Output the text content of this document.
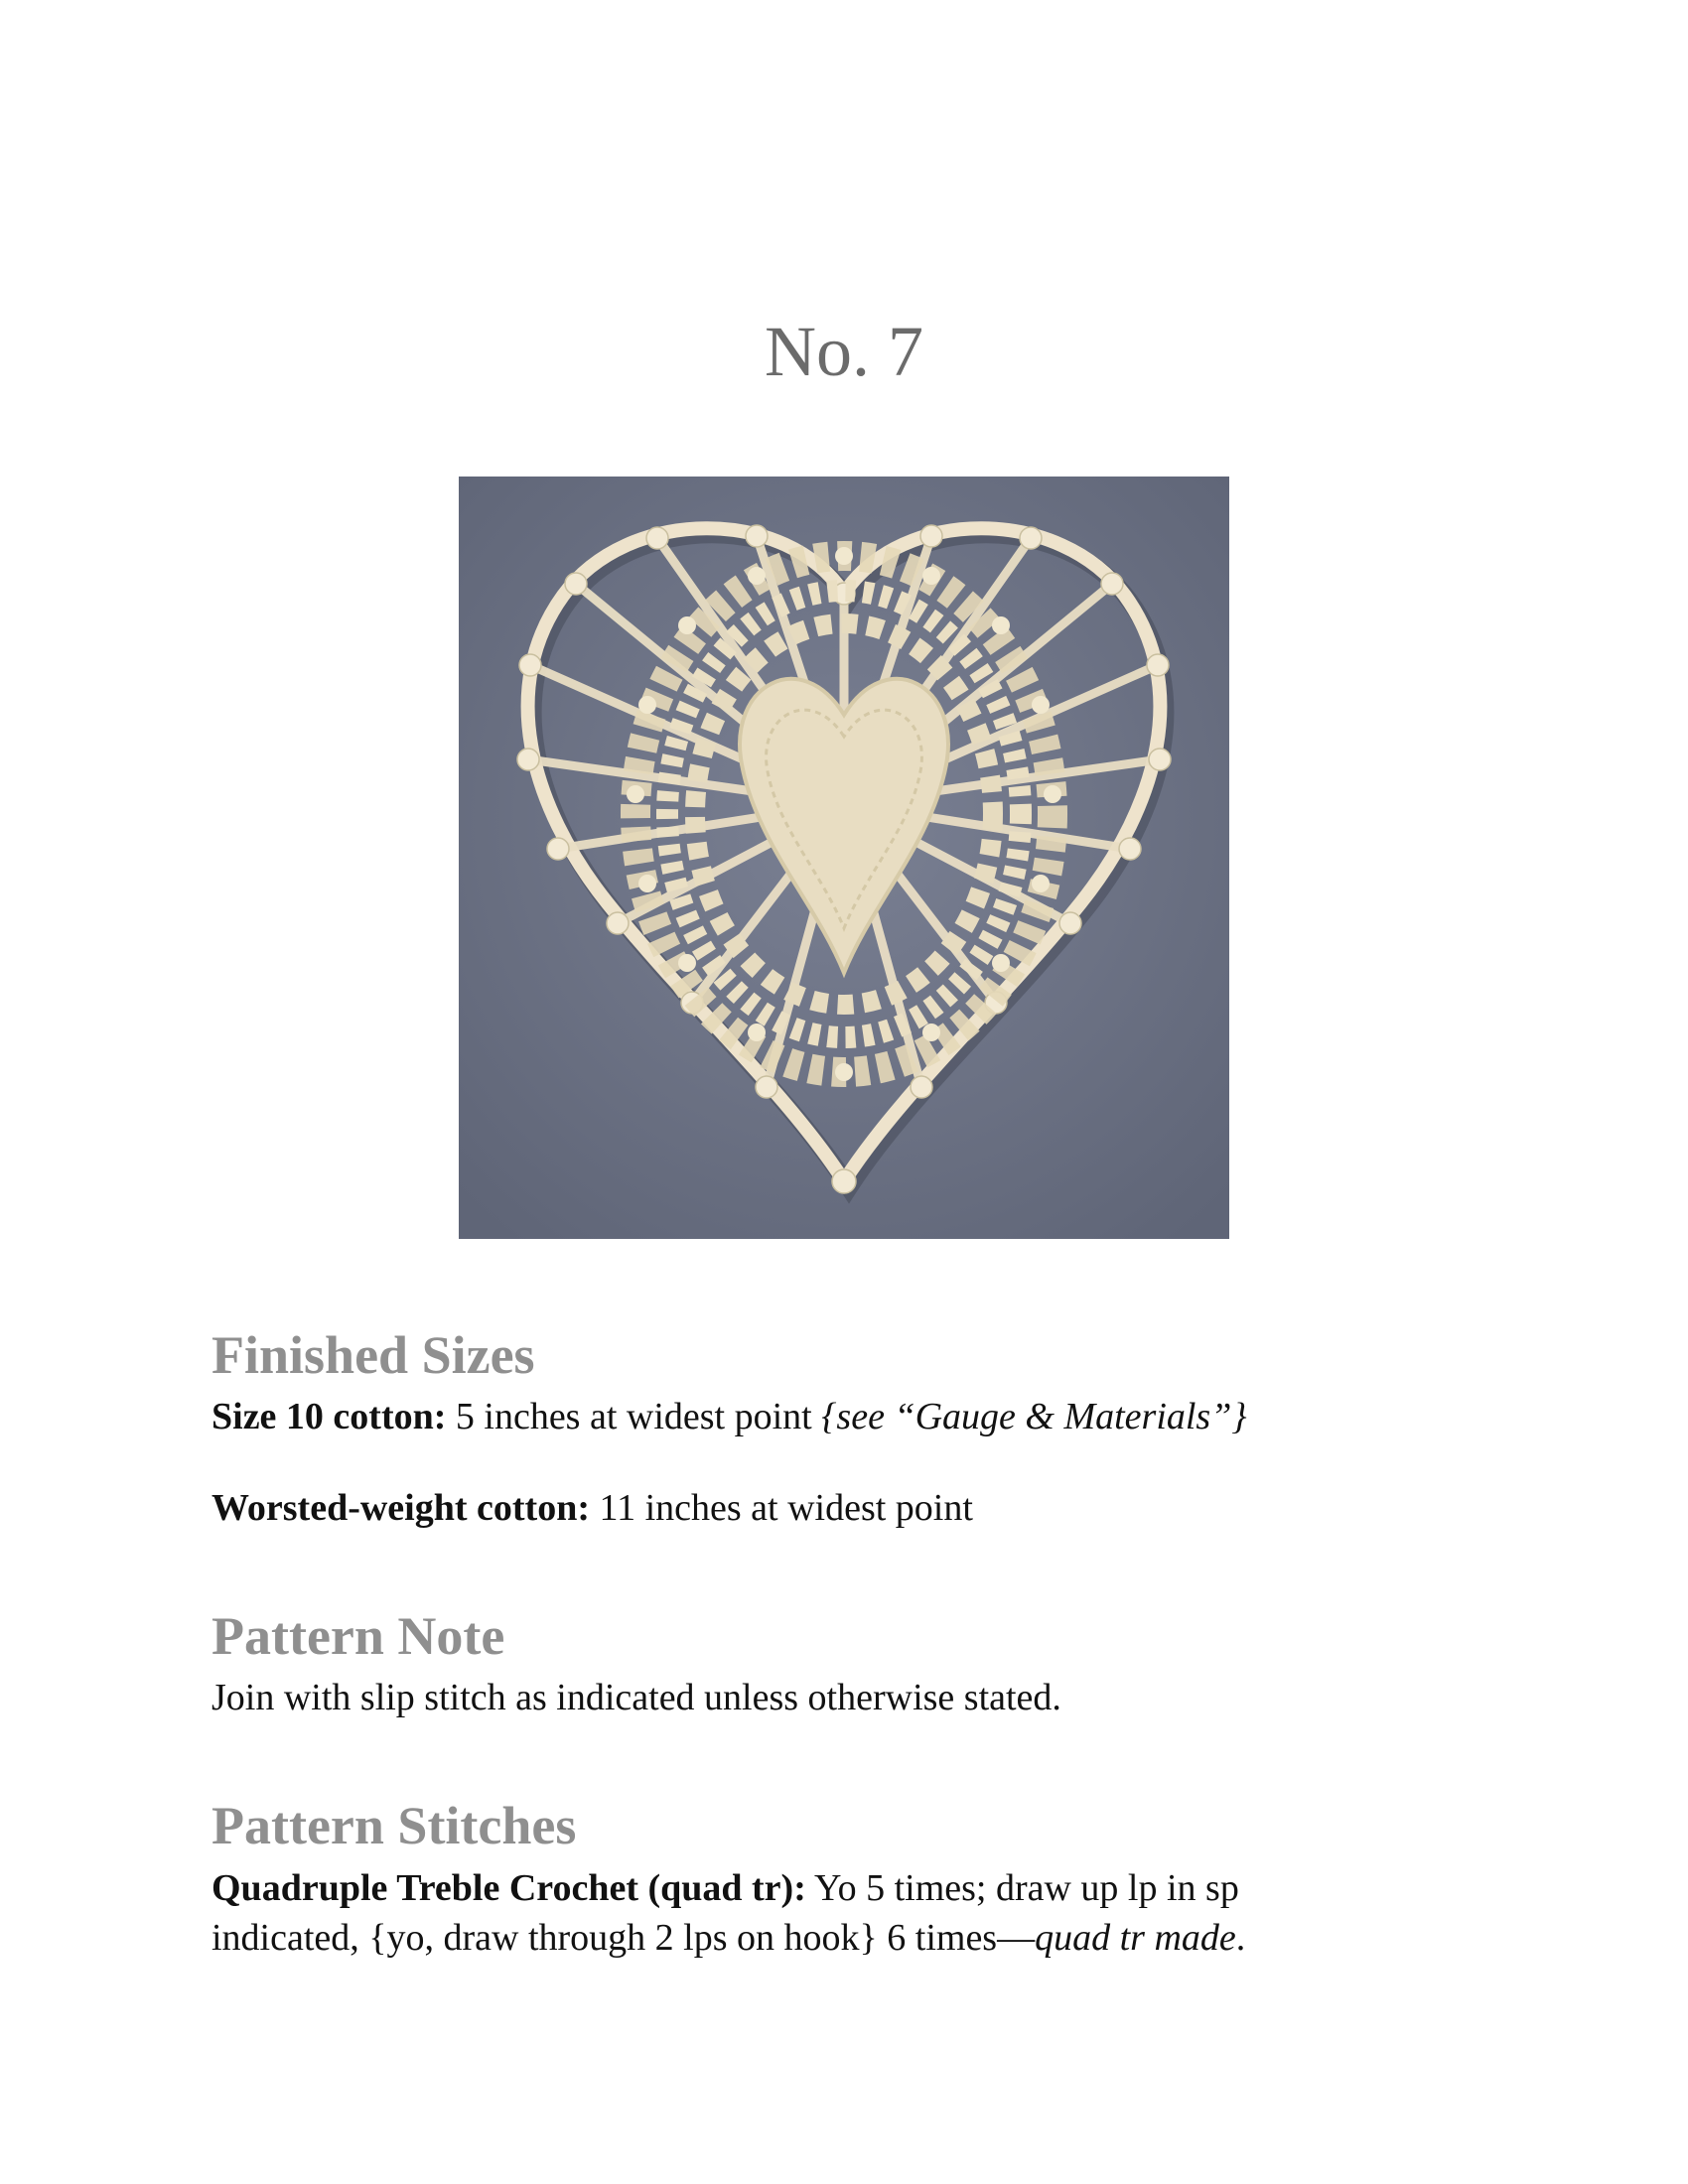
No. 7
Finished Sizes

Size 10 cotton: 5 inches at widest point {see “Gauge & Materials”}

Worsted-weight cotton: 11 inches at widest point

Pattern Note

Join with slip stitch as indicated unless otherwise stated.

Pattern Stitches

Quadruple Treble Crochet (quad tr): Yo 5 times; draw up lp in sp indicated, {yo, draw through 2 lps on hook} 6 times—quad tr made.
